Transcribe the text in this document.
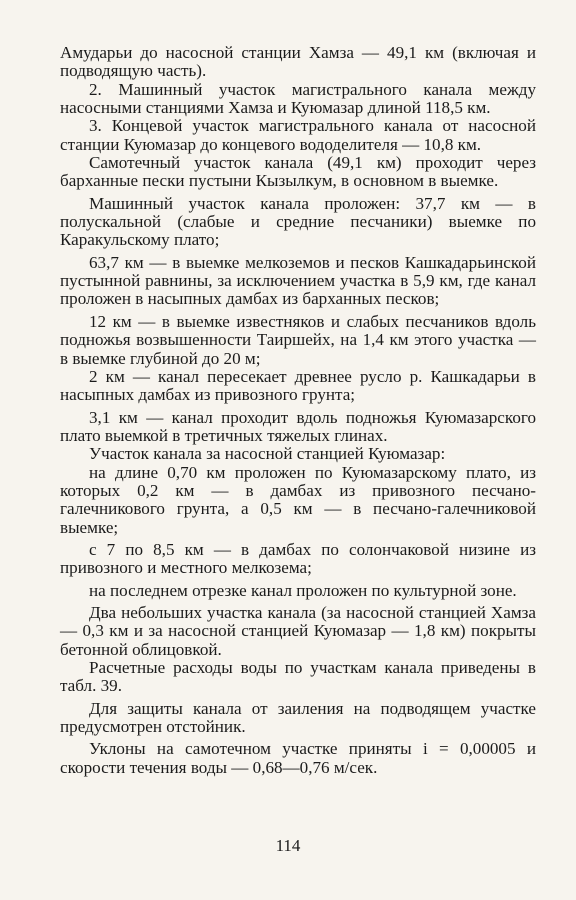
Амударьи до насосной станции Хамза — 49,1 км (включая и подводящую часть).

2. Машинный участок магистрального канала между насосными станциями Хамза и Куюмазар длиной 118,5 км.

3. Концевой участок магистрального канала от насосной станции Куюмазар до концевого вододелителя — 10,8 км.

Самотечный участок канала (49,1 км) проходит через барханные пески пустыни Кызылкум, в основном в выемке.

Машинный участок канала проложен: 37,7 км — в полускальной (слабые и средние песчаники) выемке по Каракульскому плато;

63,7 км — в выемке мелкоземов и песков Кашкадарьинской пустынной равнины, за исключением участка в 5,9 км, где канал проложен в насыпных дамбах из барханных песков;

12 км — в выемке известняков и слабых песчаников вдоль подножья возвышенности Таиршейх, на 1,4 км этого участка — в выемке глубиной до 20 м;

2 км — канал пересекает древнее русло р. Кашкадарьи в насыпных дамбах из привозного грунта;

3,1 км — канал проходит вдоль подножья Куюмазарского плато выемкой в третичных тяжелых глинах.

Участок канала за насосной станцией Куюмазар:

на длине 0,70 км проложен по Куюмазарскому плато, из которых 0,2 км — в дамбах из привозного песчано-галечникового грунта, а 0,5 км — в песчано-галечниковой выемке;

с 7 по 8,5 км — в дамбах по солончаковой низине из привозного и местного мелкозема;

на последнем отрезке канал проложен по культурной зоне.

Два небольших участка канала (за насосной станцией Хамза — 0,3 км и за насосной станцией Куюмазар — 1,8 км) покрыты бетонной облицовкой.

Расчетные расходы воды по участкам канала приведены в табл. 39.

Для защиты канала от заиления на подводящем участке предусмотрен отстойник.

Уклоны на самотечном участке приняты i = 0,00005 и скорости течения воды — 0,68—0,76 м/сек.

114
